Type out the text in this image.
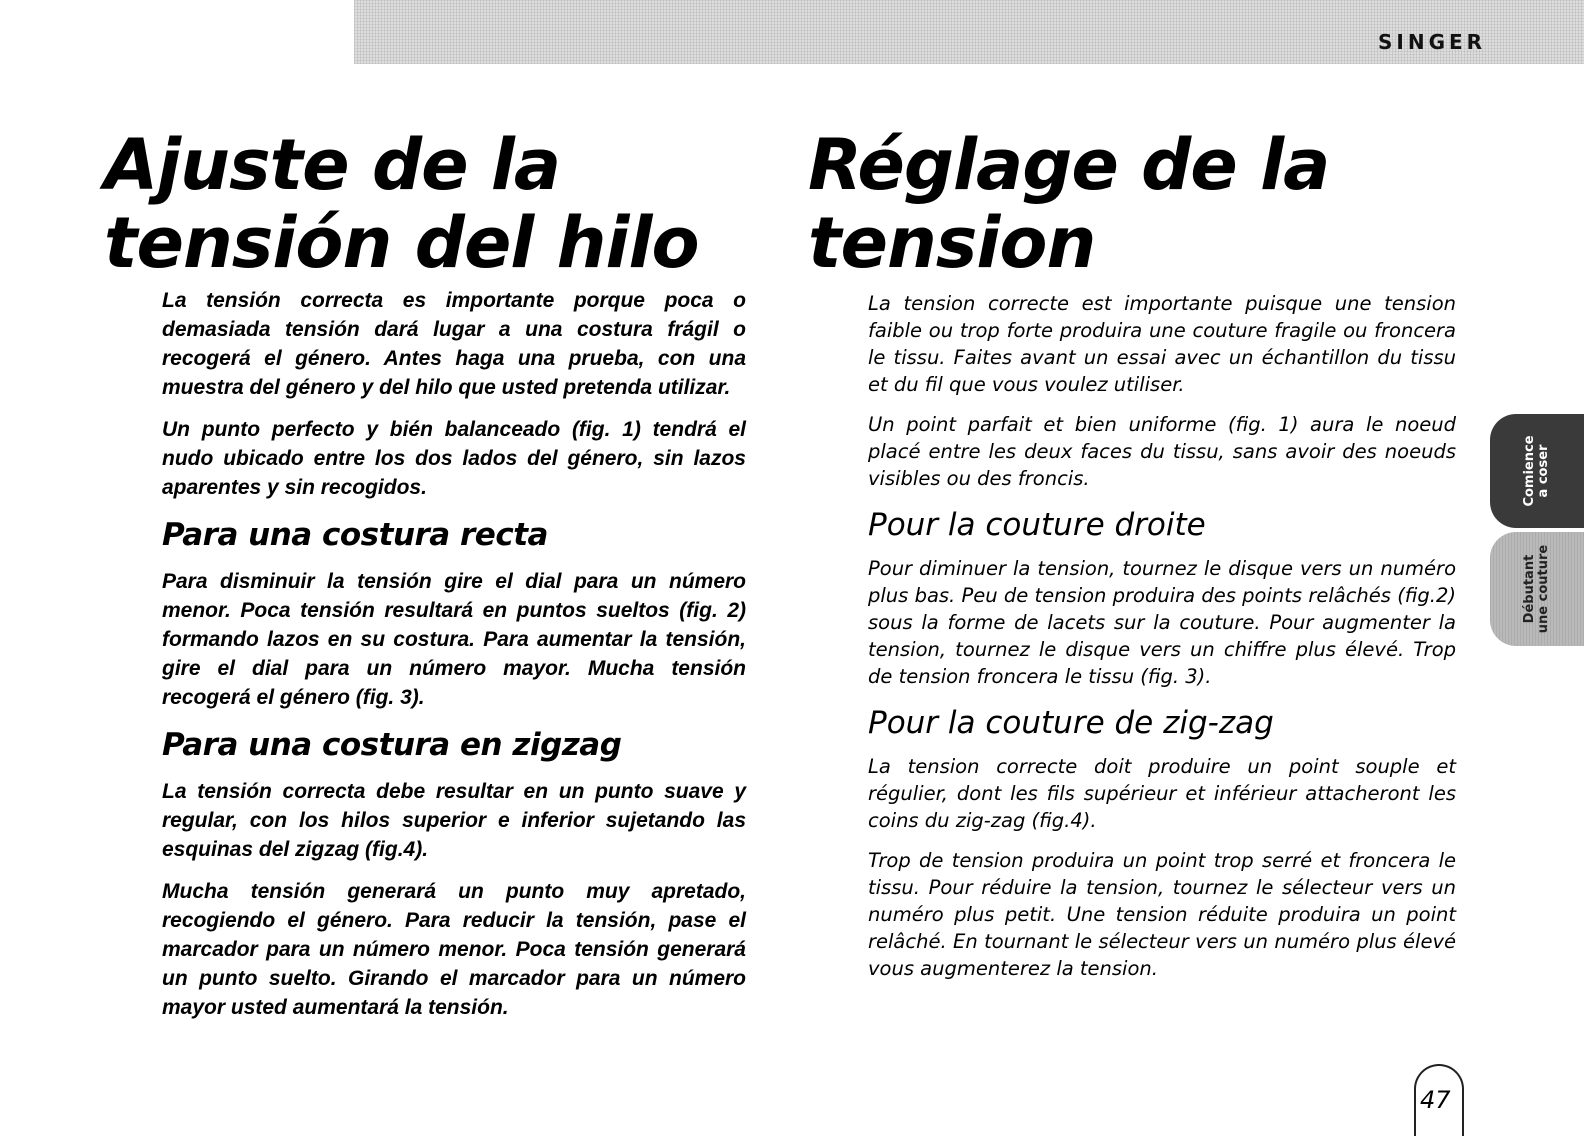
SINGER
Ajuste de la
tensión del hilo
Réglage de la
tension

La tensión correcta es importante porque poca o demasiada tensión dará lugar a una costura frágil o recogerá el género. Antes haga una prueba, con una muestra del género y del hilo que usted pretenda utilizar.

Un punto perfecto y bién balanceado (fig. 1) tendrá el nudo ubicado entre los dos lados del género, sin lazos aparentes y sin recogidos.

Para una costura recta

Para disminuir la tensión gire el dial para un número menor. Poca tensión resultará en puntos sueltos (fig. 2) formando lazos en su costura. Para aumentar la tensión, gire el dial para un número mayor. Mucha tensión recogerá el género (fig. 3).

Para una costura en zigzag

La tensión correcta debe resultar en un punto suave y regular, con los hilos superior e inferior sujetando las esquinas del zigzag (fig.4).

Mucha tensión generará un punto muy apretado, recogiendo el género. Para reducir la tensión, pase el marcador para un número menor. Poca tensión generará un punto suelto. Girando el marcador para un número mayor usted aumentará la tensión.

La tension correcte est importante puisque une tension faible ou trop forte produira une couture fragile ou froncera le tissu. Faites avant un essai avec un échantillon du tissu et du fil que vous voulez utiliser.

Un point parfait et bien uniforme (fig. 1) aura le noeud placé entre les deux faces du tissu, sans avoir des noeuds visibles ou des froncis.

Pour la couture droite

Pour diminuer la tension, tournez le disque vers un numéro plus bas. Peu de tension produira des points relâchés (fig.2) sous la forme de lacets sur la couture. Pour augmenter la tension, tournez le disque vers un chiffre plus élevé. Trop de tension froncera le tissu (fig. 3).

Pour la couture de zig-zag

La tension correcte doit produire un point souple et régulier, dont les fils supérieur et inférieur attacheront les coins du zig-zag (fig.4).

Trop de tension produira un point trop serré et froncera le tissu. Pour réduire la tension, tournez le sélecteur vers un numéro plus petit. Une tension réduite produira un point relâché. En tournant le sélecteur vers un numéro plus élevé vous augmenterez la tension.

Comience
a coser
Débutant
une couture
47
